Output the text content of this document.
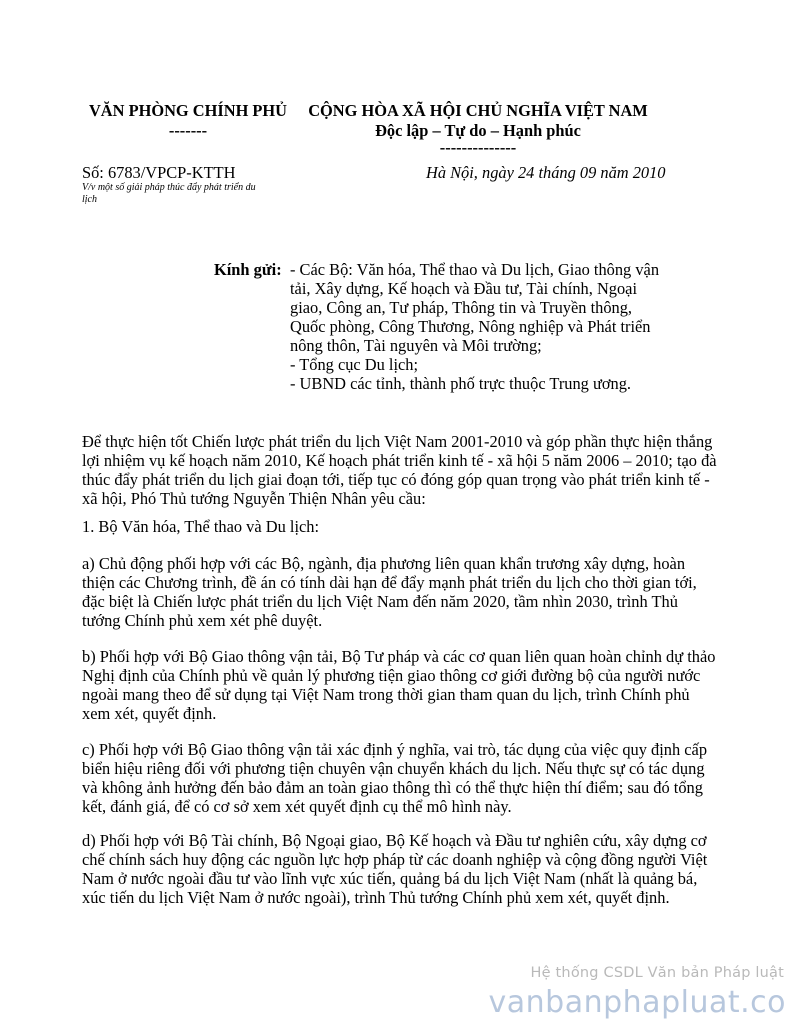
VĂN PHÒNG CHÍNH PHỦ
-------
CỘNG HÒA XÃ HỘI CHỦ NGHĨA VIỆT NAM
Độc lập – Tự do – Hạnh phúc
--------------
Số: 6783/VPCP-KTTH
V/v một số giải pháp thúc đẩy phát triển du
lịch
Hà Nội, ngày 24 tháng 09 năm 2010
Kính gửi: - Các Bộ: Văn hóa, Thể thao và Du lịch, Giao thông vận
tải, Xây dựng, Kế hoạch và Đầu tư, Tài chính, Ngoại
giao, Công an, Tư pháp, Thông tin và Truyền thông,
Quốc phòng, Công Thương, Nông nghiệp và Phát triển
nông thôn, Tài nguyên và Môi trường;
- Tổng cục Du lịch;
- UBND các tỉnh, thành phố trực thuộc Trung ương.
Để thực hiện tốt Chiến lược phát triển du lịch Việt Nam 2001-2010 và góp phần thực hiện thắng
lợi nhiệm vụ kế hoạch năm 2010, Kế hoạch phát triển kinh tế - xã hội 5 năm 2006 – 2010; tạo đà
thúc đẩy phát triển du lịch giai đoạn tới, tiếp tục có đóng góp quan trọng vào phát triển kinh tế -
xã hội, Phó Thủ tướng Nguyễn Thiện Nhân yêu cầu:
1. Bộ Văn hóa, Thể thao và Du lịch:
a) Chủ động phối hợp với các Bộ, ngành, địa phương liên quan khẩn trương xây dựng, hoàn
thiện các Chương trình, đề án có tính dài hạn để đẩy mạnh phát triển du lịch cho thời gian tới,
đặc biệt là Chiến lược phát triển du lịch Việt Nam đến năm 2020, tầm nhìn 2030, trình Thủ
tướng Chính phủ xem xét phê duyệt.
b) Phối hợp với Bộ Giao thông vận tải, Bộ Tư pháp và các cơ quan liên quan hoàn chỉnh dự thảo
Nghị định của Chính phủ về quản lý phương tiện giao thông cơ giới đường bộ của người nước
ngoài mang theo để sử dụng tại Việt Nam trong thời gian tham quan du lịch, trình Chính phủ
xem xét, quyết định.
c) Phối hợp với Bộ Giao thông vận tải xác định ý nghĩa, vai trò, tác dụng của việc quy định cấp
biển hiệu riêng đối với phương tiện chuyên vận chuyển khách du lịch. Nếu thực sự có tác dụng
và không ảnh hưởng đến bảo đảm an toàn giao thông thì có thể thực hiện thí điểm; sau đó tổng
kết, đánh giá, để có cơ sở xem xét quyết định cụ thể mô hình này.
d) Phối hợp với Bộ Tài chính, Bộ Ngoại giao, Bộ Kế hoạch và Đầu tư nghiên cứu, xây dựng cơ
chế chính sách huy động các nguồn lực hợp pháp từ các doanh nghiệp và cộng đồng người Việt
Nam ở nước ngoài đầu tư vào lĩnh vực xúc tiến, quảng bá du lịch Việt Nam (nhất là quảng bá,
xúc tiến du lịch Việt Nam ở nước ngoài), trình Thủ tướng Chính phủ xem xét, quyết định.
Hệ thống CSDL Văn bản Pháp luật
vanbanphapluat.co
